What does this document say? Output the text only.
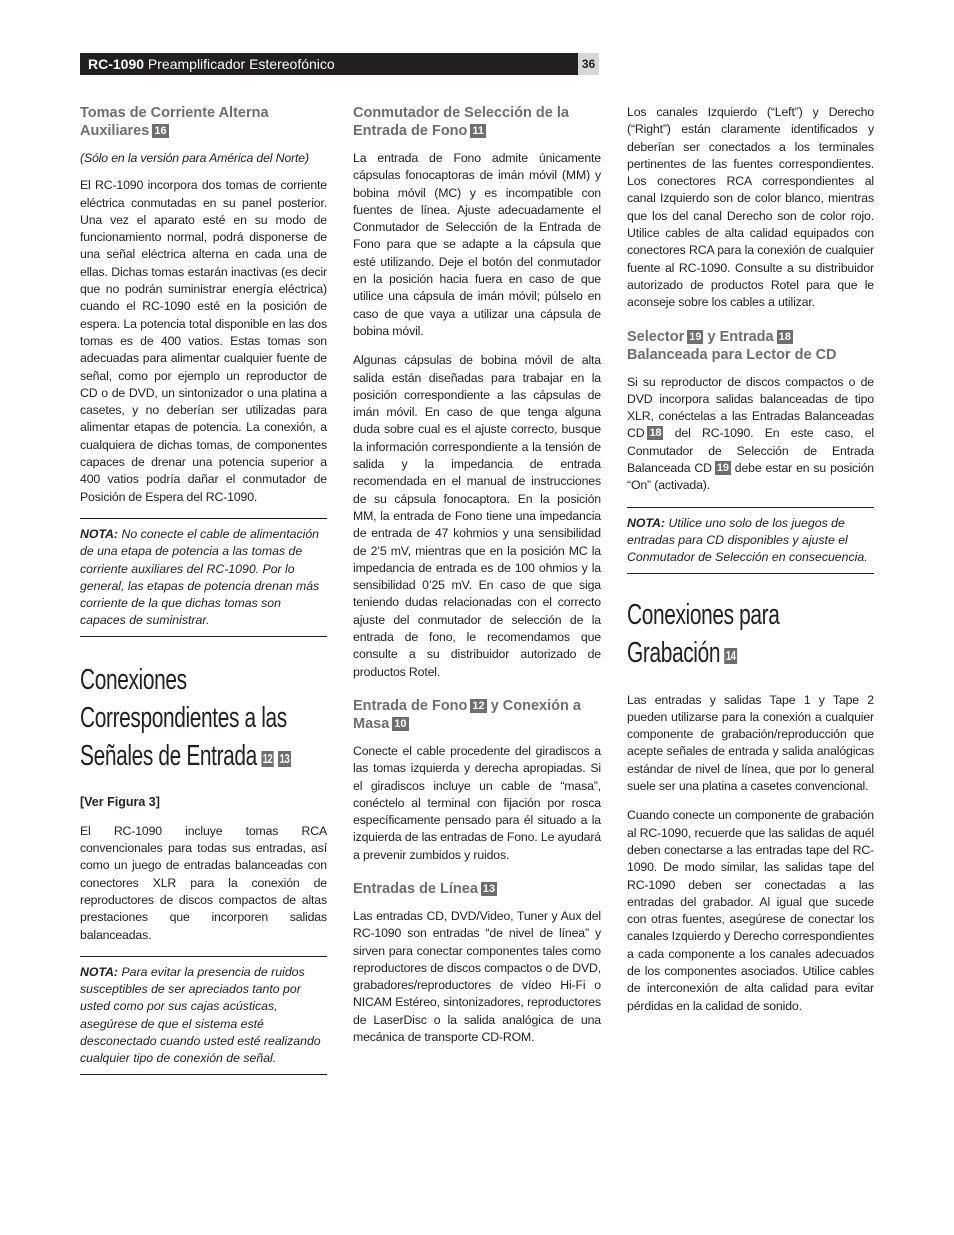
RC-1090 Preamplificador Estereofónico	36
Tomas de Corriente Alterna Auxiliares 16
(Sólo en la versión para América del Norte)
El RC-1090 incorpora dos tomas de corriente eléctrica conmutadas en su panel posterior. Una vez el aparato esté en su modo de funcionamiento normal, podrá disponerse de una señal eléctrica alterna en cada una de ellas. Dichas tomas estarán inactivas (es decir que no podrán suministrar energía eléctrica) cuando el RC-1090 esté en la posición de espera. La potencia total disponible en las dos tomas es de 400 vatios. Estas tomas son adecuadas para alimentar cualquier fuente de señal, como por ejemplo un reproductor de CD o de DVD, un sintonizador o una platina a casetes, y no deberían ser utilizadas para alimentar etapas de potencia. La conexión, a cualquiera de dichas tomas, de componentes capaces de drenar una potencia superior a 400 vatios podría dañar el conmutador de Posición de Espera del RC-1090.
NOTA: No conecte el cable de alimentación de una etapa de potencia a las tomas de corriente auxiliares del RC-1090. Por lo general, las etapas de potencia drenan más corriente de la que dichas tomas son capaces de suministrar.
Conexiones Correspondientes a las Señales de Entrada 12 13
[Ver Figura 3]
El RC-1090 incluye tomas RCA convencionales para todas sus entradas, así como un juego de entradas balanceadas con conectores XLR para la conexión de reproductores de discos compactos de altas prestaciones que incorporen salidas balanceadas.
NOTA: Para evitar la presencia de ruidos susceptibles de ser apreciados tanto por usted como por sus cajas acústicas, asegúrese de que el sistema esté desconectado cuando usted esté realizando cualquier tipo de conexión de señal.
Conmutador de Selección de la Entrada de Fono 11
La entrada de Fono admite únicamente cápsulas fonocaptoras de imán móvil (MM) y bobina móvil (MC) y es incompatible con fuentes de línea. Ajuste adecuadamente el Conmutador de Selección de la Entrada de Fono para que se adapte a la cápsula que esté utilizando. Deje el botón del conmutador en la posición hacia fuera en caso de que utilice una cápsula de imán móvil; púlselo en caso de que vaya a utilizar una cápsula de bobina móvil.
Algunas cápsulas de bobina móvil de alta salida están diseñadas para trabajar en la posición correspondiente a las cápsulas de imán móvil. En caso de que tenga alguna duda sobre cual es el ajuste correcto, busque la información correspondiente a la tensión de salida y la impedancia de entrada recomendada en el manual de instrucciones de su cápsula fonocaptora. En la posición MM, la entrada de Fono tiene una impedancia de entrada de 47 kohmios y una sensibilidad de 2’5 mV, mientras que en la posición MC la impedancia de entrada es de 100 ohmios y la sensibilidad 0’25 mV. En caso de que siga teniendo dudas relacionadas con el correcto ajuste del conmutador de selección de la entrada de fono, le recomendamos que consulte a su distribuidor autorizado de productos Rotel.
Entrada de Fono 12 y Conexión a Masa 10
Conecte el cable procedente del giradiscos a las tomas izquierda y derecha apropiadas. Si el giradiscos incluye un cable de “masa”, conéctelo al terminal con fijación por rosca específicamente pensado para él situado a la izquierda de las entradas de Fono. Le ayudará a prevenir zumbidos y ruidos.
Entradas de Línea 13
Las entradas CD, DVD/Video, Tuner y Aux del RC-1090 son entradas “de nivel de línea” y sirven para conectar componentes tales como reproductores de discos compactos o de DVD, grabadores/reproductores de vídeo Hi-Fi o NICAM Estéreo, sintonizadores, reproductores de LaserDisc o la salida analógica de una mecánica de transporte CD-ROM.
Los canales Izquierdo (“Left”) y Derecho (“Right”) están claramente identificados y deberían ser conectados a los terminales pertinentes de las fuentes correspondientes. Los conectores RCA correspondientes al canal Izquierdo son de color blanco, mientras que los del canal Derecho son de color rojo. Utilice cables de alta calidad equipados con conectores RCA para la conexión de cualquier fuente al RC-1090. Consulte a su distribuidor autorizado de productos Rotel para que le aconseje sobre los cables a utilizar.
Selector 19 y Entrada 18 Balanceada para Lector de CD
Si su reproductor de discos compactos o de DVD incorpora salidas balanceadas de tipo XLR, conéctelas a las Entradas Balanceadas CD 18 del RC-1090. En este caso, el Conmutador de Selección de Entrada Balanceada CD 19 debe estar en su posición “On” (activada).
NOTA: Utilice uno solo de los juegos de entradas para CD disponibles y ajuste el Conmutador de Selección en consecuencia.
Conexiones para Grabación 14
Las entradas y salidas Tape 1 y Tape 2 pueden utilizarse para la conexión a cualquier componente de grabación/reproducción que acepte señales de entrada y salida analógicas estándar de nivel de línea, que por lo general suele ser una platina a casetes convencional.
Cuando conecte un componente de grabación al RC-1090, recuerde que las salidas de aquél deben conectarse a las entradas tape del RC-1090. De modo similar, las salidas tape del RC-1090 deben ser conectadas a las entradas del grabador. Al igual que sucede con otras fuentes, asegúrese de conectar los canales Izquierdo y Derecho correspondientes a cada componente a los canales adecuados de los componentes asociados. Utilice cables de interconexión de alta calidad para evitar pérdidas en la calidad de sonido.
